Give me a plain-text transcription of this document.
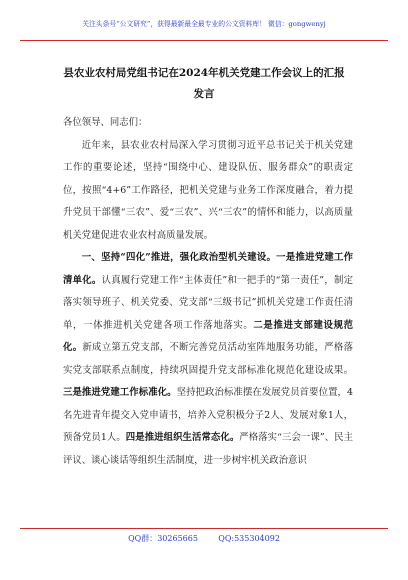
关注头条号“公文研究”，获得最新最全最专业的公文资料库！ 微信：gongwenyj
县农业农村局党组书记在2024年机关党建工作会议上的汇报发言

各位领导、同志们：

近年来，县农业农村局深入学习贯彻习近平总书记关于机关党建工作的重要论述，坚持“围绕中心、建设队伍、服务群众”的职责定位，按照“4+6”工作路径，把机关党建与业务工作深度融合，着力提升党员干部懂“三农”、爱“三农”、兴“三农”的情怀和能力，以高质量机关党建促进农业农村高质量发展。

一、坚持“四化”推进，强化政治型机关建设。一是推进党建工作清单化。认真履行党建工作“主体责任”和一把手的“第一责任”，制定落实领导班子、机关党委、党支部“三级书记”抓机关党建工作责任清单，一体推进机关党建各项工作落地落实。二是推进支部建设规范化。新成立第五党支部，不断完善党员活动室阵地服务功能，严格落实党支部联系点制度，持续巩固提升党支部标准化规范化建设成果。三是推进党建工作标准化。坚持把政治标准摆在发展党员首要位置，4名先进青年提交入党申请书，培养入党积极分子2人、发展对象1人，预备党员1人。四是推进组织生活常态化。严格落实“三会一课”、民主评议、谈心谈话等组织生活制度，进一步树牢机关政治意识

QQ群：30265665	QQ:535304092
